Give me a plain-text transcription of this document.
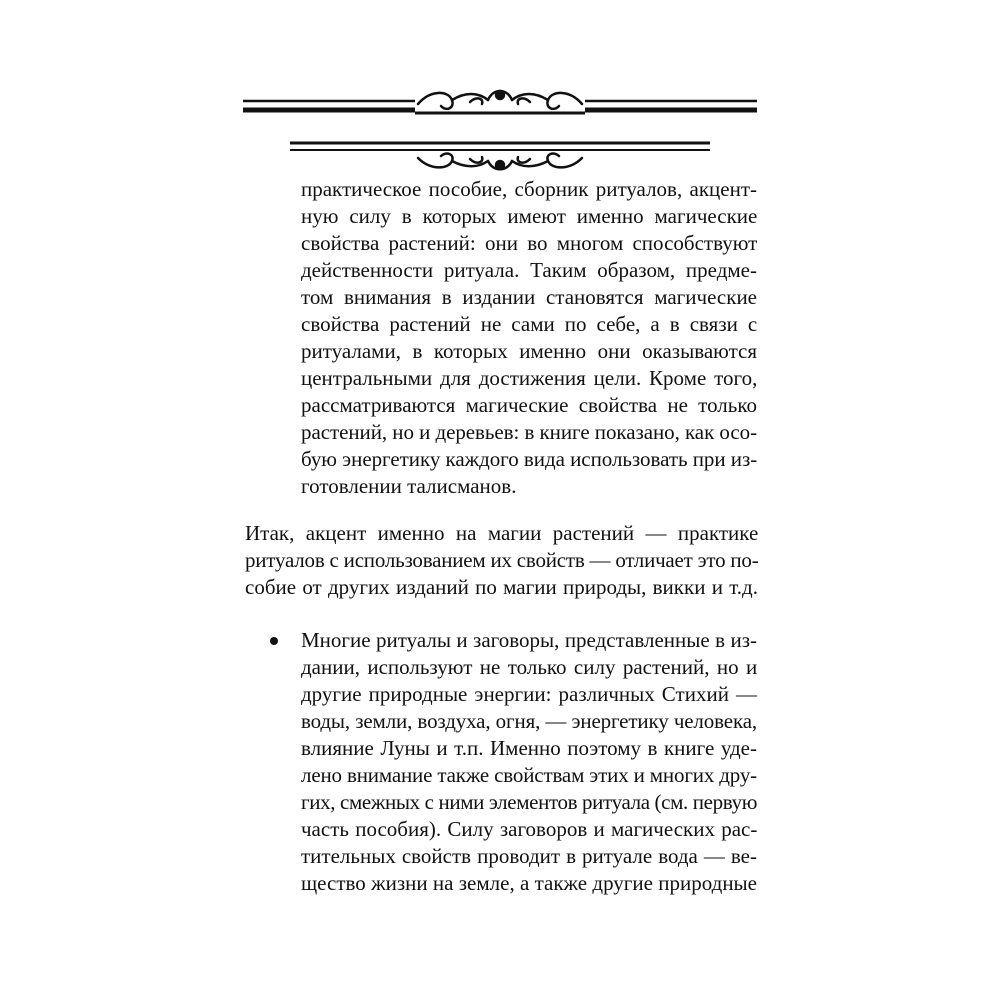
практическое пособие, сборник ритуалов, акцент-
ную силу в которых имеют именно магические
свойства растений: они во многом способствуют
действенности ритуала. Таким образом, предме-
том внимания в издании становятся магические
свойства растений не сами по себе, а в связи с
ритуалами, в которых именно они оказываются
центральными для достижения цели. Кроме того,
рассматриваются магические свойства не только
растений, но и деревьев: в книге показано, как осо-
бую энергетику каждого вида использовать при из-
готовлении талисманов.
Итак, акцент именно на магии растений — практике
ритуалов с использованием их свойств — отличает это по-
собие от других изданий по магии природы, викки и т.д.
Многие ритуалы и заговоры, представленные в из-
дании, используют не только силу растений, но и
другие природные энергии: различных Стихий —
воды, земли, воздуха, огня, — энергетику человека,
влияние Луны и т.п. Именно поэтому в книге уде-
лено внимание также свойствам этих и многих дру-
гих, смежных с ними элементов ритуала (см. первую
часть пособия). Силу заговоров и магических рас-
тительных свойств проводит в ритуале вода — ве-
щество жизни на земле, а также другие природные
